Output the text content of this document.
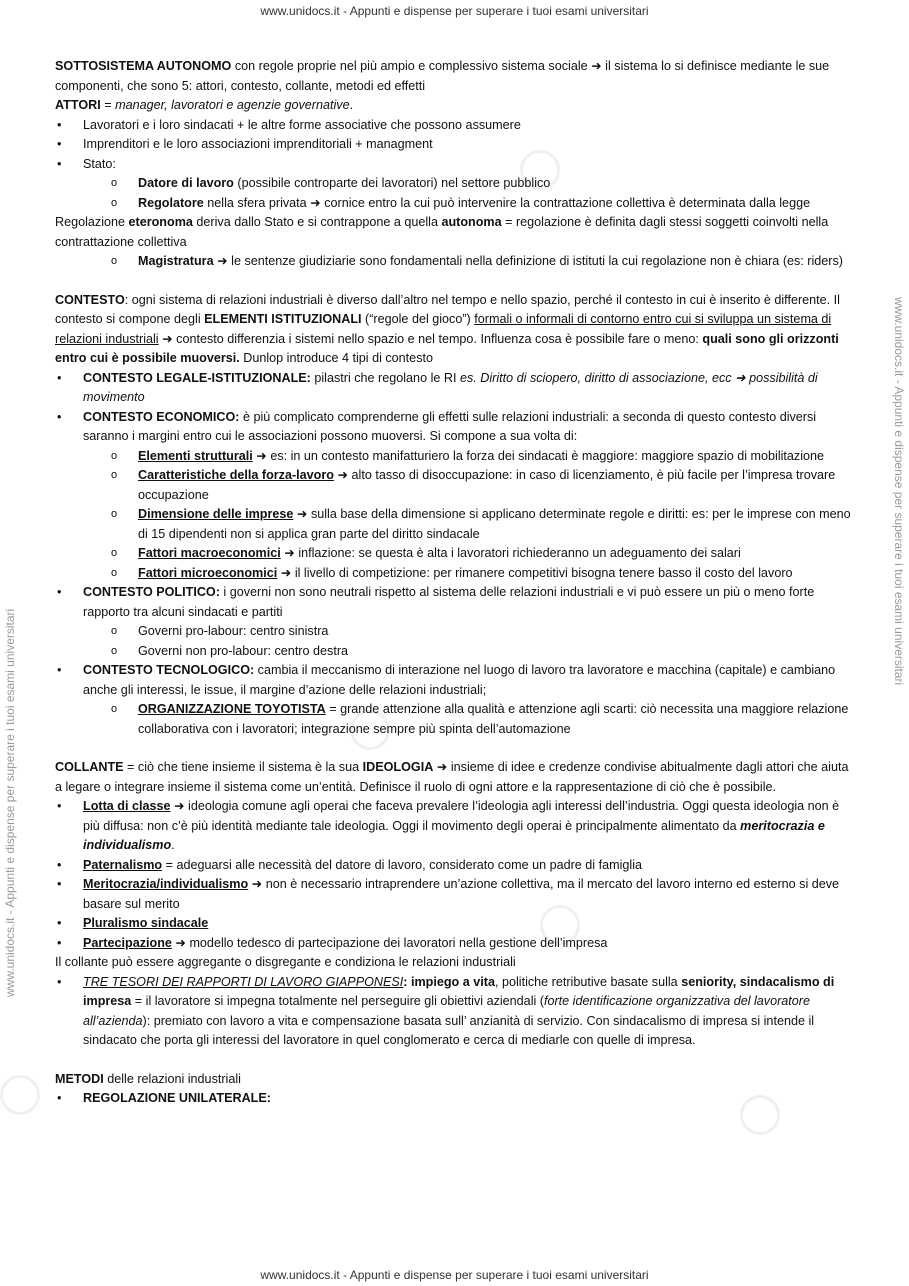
www.unidocs.it - Appunti e dispense per superare i tuoi esami universitari
www.unidocs.it - Appunti e dispense per superare i tuoi esami universitari
www.unidocs.it - Appunti e dispense per superare i tuoi esami universitari
www.unidocs.it - Appunti e dispense per superare i tuoi esami universitari

SOTTOSISTEMA AUTONOMO con regole proprie nel più ampio e complessivo sistema sociale ➜ il sistema lo si definisce mediante le sue componenti, che sono 5: attori, contesto, collante, metodi ed effetti

ATTORI = manager, lavoratori e agenzie governative.

• Lavoratori e i loro sindacati + le altre forme associative che possono assumere
• Imprenditori e le loro associazioni imprenditoriali + managment
• Stato:
o Datore di lavoro (possibile controparte dei lavoratori) nel settore pubblico
o Regolatore nella sfera privata ➜ cornice entro la cui può intervenire la contrattazione collettiva è determinata dalla legge

Regolazione eteronoma deriva dallo Stato e si contrappone a quella autonoma = regolazione è definita dagli stessi soggetti coinvolti nella contrattazione collettiva

o Magistratura ➜ le sentenze giudiziarie sono fondamentali nella definizione di istituti la cui regolazione non è chiara (es: riders)

CONTESTO: ogni sistema di relazioni industriali è diverso dall’altro nel tempo e nello spazio, perché il contesto in cui è inserito è differente. Il contesto si compone degli ELEMENTI ISTITUZIONALI (“regole del gioco”) formali o informali di contorno entro cui si sviluppa un sistema di relazioni industriali ➜ contesto differenzia i sistemi nello spazio e nel tempo. Influenza cosa è possibile fare o meno: quali sono gli orizzonti entro cui è possibile muoversi. Dunlop introduce 4 tipi di contesto

• CONTESTO LEGALE-ISTITUZIONALE: pilastri che regolano le RI es. Diritto di sciopero, diritto di associazione, ecc ➜ possibilità di movimento
• CONTESTO ECONOMICO: è più complicato comprenderne gli effetti sulle relazioni industriali: a seconda di questo contesto diversi saranno i margini entro cui le associazioni possono muoversi. Si compone a sua volta di:
o Elementi strutturali ➜ es: in un contesto manifatturiero la forza dei sindacati è maggiore: maggiore spazio di mobilitazione
o Caratteristiche della forza-lavoro ➜ alto tasso di disoccupazione: in caso di licenziamento, è più facile per l’impresa trovare occupazione
o Dimensione delle imprese ➜ sulla base della dimensione si applicano determinate regole e diritti: es: per le imprese con meno di 15 dipendenti non si applica gran parte del diritto sindacale
o Fattori macroeconomici ➜ inflazione: se questa è alta i lavoratori richiederanno un adeguamento dei salari
o Fattori microeconomici ➜ il livello di competizione: per rimanere competitivi bisogna tenere basso il costo del lavoro
• CONTESTO POLITICO: i governi non sono neutrali rispetto al sistema delle relazioni industriali e vi può essere un più o meno forte rapporto tra alcuni sindacati e partiti
o Governi pro-labour: centro sinistra
o Governi non pro-labour: centro destra
• CONTESTO TECNOLOGICO: cambia il meccanismo di interazione nel luogo di lavoro tra lavoratore e macchina (capitale) e cambiano anche gli interessi, le issue, il margine d’azione delle relazioni industriali;
o ORGANIZZAZIONE TOYOTISTA = grande attenzione alla qualità e attenzione agli scarti: ciò necessita una maggiore relazione collaborativa con i lavoratori; integrazione sempre più spinta dell’automazione

COLLANTE = ciò che tiene insieme il sistema è la sua IDEOLOGIA ➜ insieme di idee e credenze condivise abitualmente dagli attori che aiuta a legare o integrare insieme il sistema come un’entità. Definisce il ruolo di ogni attore e la rappresentazione di ciò che è possibile.

• Lotta di classe ➜ ideologia comune agli operai che faceva prevalere l’ideologia agli interessi dell’industria. Oggi questa ideologia non è più diffusa: non c’è più identità mediante tale ideologia. Oggi il movimento degli operai è principalmente alimentato da meritocrazia e individualismo.
• Paternalismo = adeguarsi alle necessità del datore di lavoro, considerato come un padre di famiglia
• Meritocrazia/individualismo ➜ non è necessario intraprendere un’azione collettiva, ma il mercato del lavoro interno ed esterno si deve basare sul merito
• Pluralismo sindacale
• Partecipazione ➜ modello tedesco di partecipazione dei lavoratori nella gestione dell’impresa

Il collante può essere aggregante o disgregante e condiziona le relazioni industriali

• TRE TESORI DEI RAPPORTI DI LAVORO GIAPPONESI: impiego a vita, politiche retributive basate sulla seniority, sindacalismo di impresa = il lavoratore si impegna totalmente nel perseguire gli obiettivi aziendali (forte identificazione organizzativa del lavoratore all’azienda): premiato con lavoro a vita e compensazione basata sull’ anzianità di servizio. Con sindacalismo di impresa si intende il sindacato che porta gli interessi del lavoratore in quel conglomerato e cerca di mediarle con quelle di impresa.

METODI delle relazioni industriali

• REGOLAZIONE UNILATERALE:
